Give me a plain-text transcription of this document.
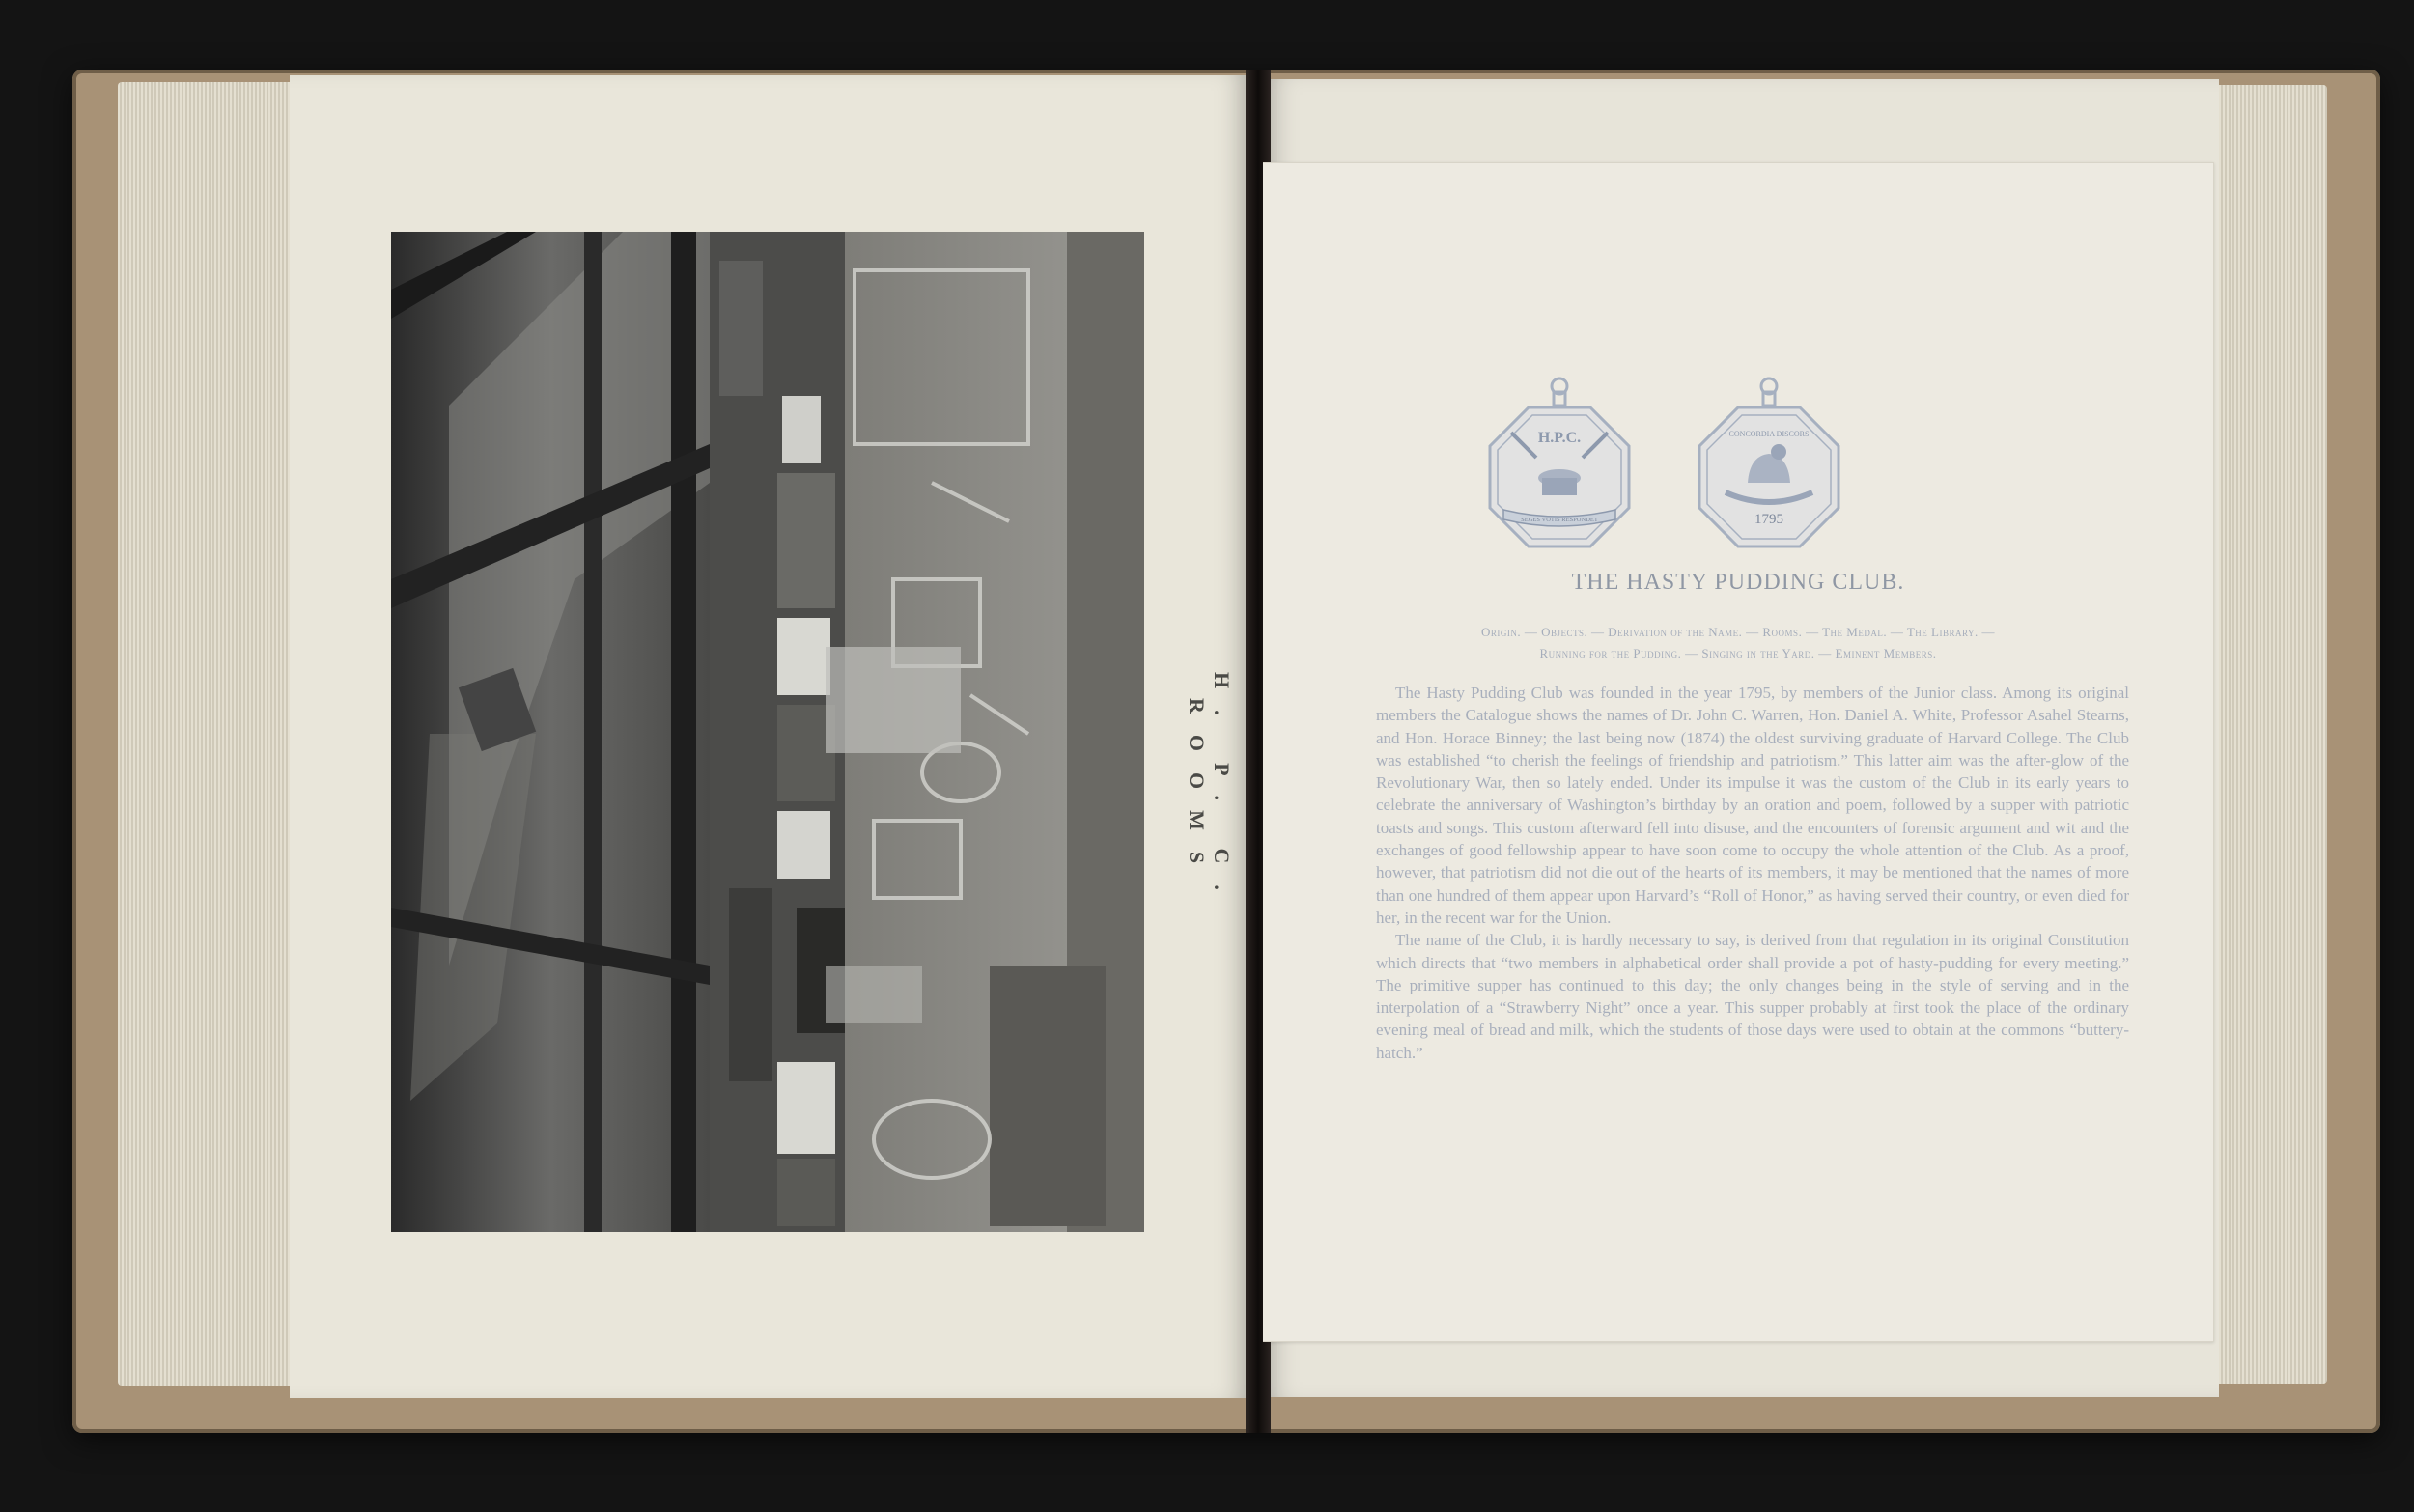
H. P. C. ROOMS
H.P.C.
SEGES VOTIS RESPONDET
CONCORDIA DISCORS
1795
THE HASTY PUDDING CLUB.
Origin. — Objects. — Derivation of the Name. — Rooms. — The Medal. — The Library. —
Running for the Pudding. — Singing in the Yard. — Eminent Members.

The Hasty Pudding Club was founded in the year 1795, by members of the Junior class. Among its original members the Catalogue shows the names of Dr. John C. Warren, Hon. Daniel A. White, Professor Asahel Stearns, and Hon. Horace Binney; the last being now (1874) the oldest surviving graduate of Harvard College. The Club was established “to cherish the feelings of friendship and patriotism.” This latter aim was the after-glow of the Revolutionary War, then so lately ended. Under its impulse it was the custom of the Club in its early years to celebrate the anniversary of Washington’s birthday by an oration and poem, followed by a supper with patriotic toasts and songs. This custom afterward fell into disuse, and the encounters of forensic argument and wit and the exchanges of good fellowship appear to have soon come to occupy the whole attention of the Club. As a proof, however, that patriotism did not die out of the hearts of its members, it may be mentioned that the names of more than one hundred of them appear upon Harvard’s “Roll of Honor,” as having served their country, or even died for her, in the recent war for the Union.

The name of the Club, it is hardly necessary to say, is derived from that regulation in its original Constitution which directs that “two members in alphabetical order shall provide a pot of hasty-pudding for every meeting.” The primitive supper has continued to this day; the only changes being in the style of serving and in the interpolation of a “Strawberry Night” once a year. This supper probably at first took the place of the ordinary evening meal of bread and milk, which the students of those days were used to obtain at the commons “buttery-hatch.”
